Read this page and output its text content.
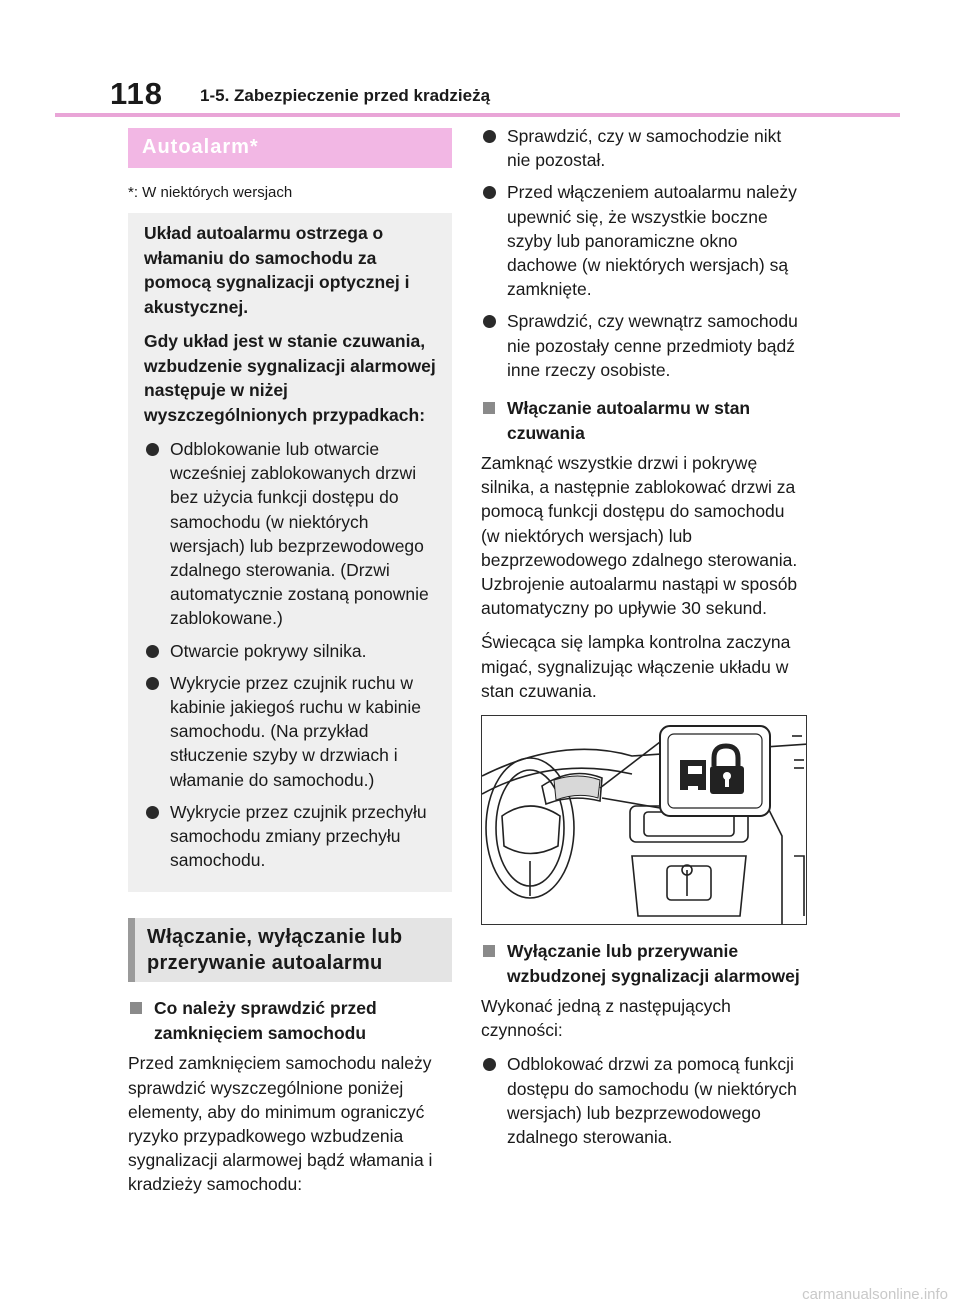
118 1-5. Zabezpieczenie przed kradzieżą
Autoalarm*

*: W niektórych wersjach

Układ autoalarmu ostrzega o włamaniu do samochodu za pomocą sygnalizacji optycznej i akustycznej.

Gdy układ jest w stanie czuwania, wzbudzenie sygnalizacji alarmowej następuje w niżej wyszczególnionych przypadkach:

Odblokowanie lub otwarcie wcześniej zablokowanych drzwi bez użycia funkcji dostępu do samochodu (w niektórych wersjach) lub bezprzewodowego zdalnego sterowania. (Drzwi automatycznie zostaną ponownie zablokowane.)
Otwarcie pokrywy silnika.
Wykrycie przez czujnik ruchu w kabinie jakiegoś ruchu w kabinie samochodu. (Na przykład stłuczenie szyby w drzwiach i włamanie do samochodu.)
Wykrycie przez czujnik przechyłu samochodu zmiany przechyłu samochodu.
Włączanie, wyłączanie lub przerywanie autoalarmu
Co należy sprawdzić przed zamknięciem samochodu

Przed zamknięciem samochodu należy sprawdzić wyszczególnione poniżej elementy, aby do minimum ograniczyć ryzyko przypadkowego wzbudzenia sygnalizacji alarmowej bądź włamania i kradzieży samochodu:

Sprawdzić, czy w samochodzie nikt nie pozostał.
Przed włączeniem autoalarmu należy upewnić się, że wszystkie boczne szyby lub panoramiczne okno dachowe (w niektórych wersjach) są zamknięte.
Sprawdzić, czy wewnątrz samochodu nie pozostały cenne przedmioty bądź inne rzeczy osobiste.
Włączanie autoalarmu w stan czuwania

Zamknąć wszystkie drzwi i pokrywę silnika, a następnie zablokować drzwi za pomocą funkcji dostępu do samochodu (w niektórych wersjach) lub bezprzewodowego zdalnego sterowania. Uzbrojenie autoalarmu nastąpi w sposób automatyczny po upływie 30 sekund.

Świecąca się lampka kontrolna zaczyna migać, sygnalizując włączenie układu w stan czuwania.

Wyłączanie lub przerywanie wzbudzonej sygnalizacji alarmowej

Wykonać jedną z następujących czynności:

Odblokować drzwi za pomocą funkcji dostępu do samochodu (w niektórych wersjach) lub bezprzewodowego zdalnego sterowania.
carmanualsonline.info
